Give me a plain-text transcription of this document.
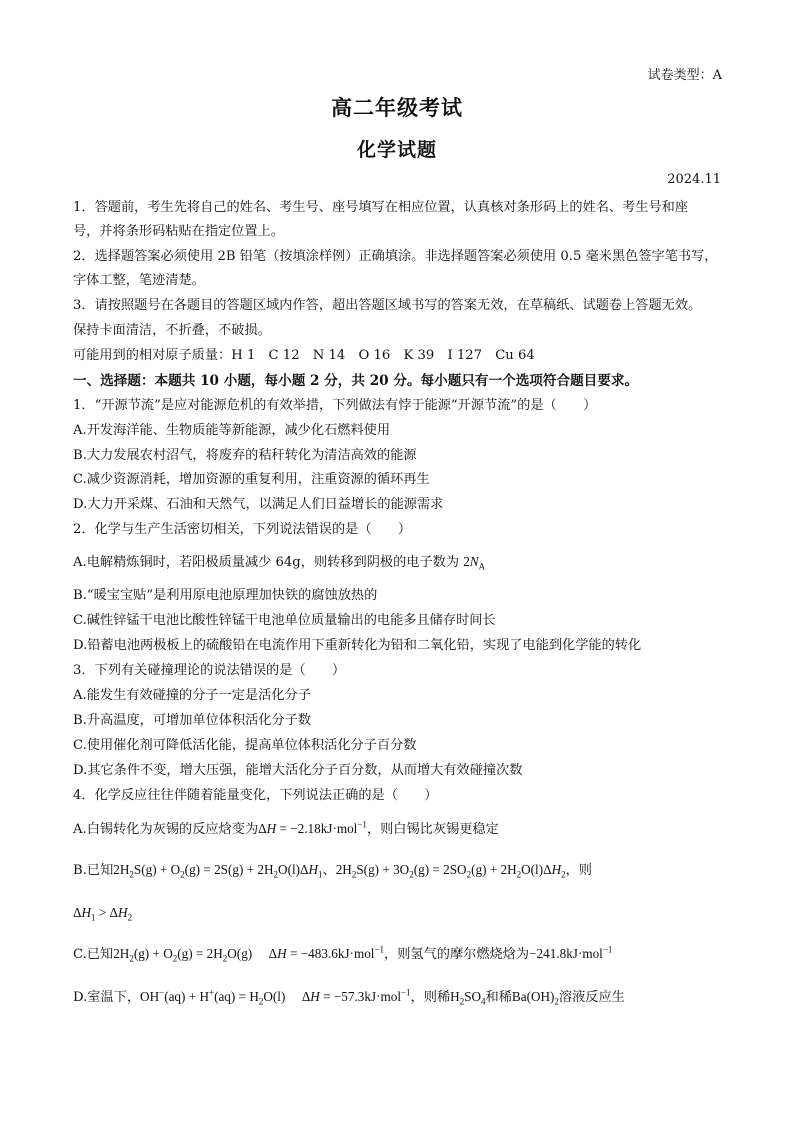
试卷类型：A
高二年级考试
化学试题
2024.11
1．答题前，考生先将自己的姓名、考生号、座号填写在相应位置，认真核对条形码上的姓名、考生号和座
号，并将条形码粘贴在指定位置上。
2．选择题答案必须使用 2B 铅笔（按填涂样例）正确填涂。非选择题答案必须使用 0.5 毫米黑色签字笔书写，
字体工整，笔迹清楚。
3．请按照题号在各题目的答题区域内作答，超出答题区域书写的答案无效，在草稿纸、试题卷上答题无效。
保持卡面清洁，不折叠，不破损。
可能用到的相对原子质量：H 1　C 12　N 14　O 16　K 39　I 127　Cu 64
一、选择题：本题共 10 小题，每小题 2 分，共 20 分。每小题只有一个选项符合题目要求。
1．“开源节流”是应对能源危机的有效举措，下列做法有悖于能源“开源节流”的是（　　）
A.开发海洋能、生物质能等新能源，减少化石燃料使用
B.大力发展农村沼气，将废弃的秸秆转化为清洁高效的能源
C.减少资源消耗，增加资源的重复利用，注重资源的循环再生
D.大力开采煤、石油和天然气，以满足人们日益增长的能源需求
2．化学与生产生活密切相关，下列说法错误的是（　　）
A.电解精炼铜时，若阳极质量减少 64g，则转移到阴极的电子数为 $2N_A$
B.“暖宝宝贴”是利用原电池原理加快铁的腐蚀放热的
C.碱性锌锰干电池比酸性锌锰干电池单位质量输出的电能多且储存时间长
D.铅蓄电池两极板上的硫酸铅在电流作用下重新转化为铅和二氧化铅，实现了电能到化学能的转化
3．下列有关碰撞理论的说法错误的是（　　）
A.能发生有效碰撞的分子一定是活化分子
B.升高温度，可增加单位体积活化分子数
C.使用催化剂可降低活化能，提高单位体积活化分子百分数
D.其它条件不变，增大压强，能增大活化分子百分数，从而增大有效碰撞次数
4．化学反应往往伴随着能量变化，下列说法正确的是（　　）
A.白锡转化为灰锡的反应焓变为ΔH = −2.18kJ·mol$^{-1}$，则白锡比灰锡更稳定
B.已知$2H_2S(g) + O_2(g) = 2S(g) + 2H_2O(l)\Delta H_1$、$2H_2S(g) + 3O_2(g) = 2SO_2(g) + 2H_2O(l)\Delta H_2$，则
$\Delta H_1 > \Delta H_2$
C.已知$2H_2(g) + O_2(g) = 2H_2O(g)$　 ΔH = −483.6kJ·mol$^{-1}$，则氢气的摩尔燃烧焓为−241.8kJ·mol$^{-1}$
D.室温下，$OH^-(aq) + H^+(aq) = H_2O(l)$　 ΔH = −57.3kJ·mol$^{-1}$，则稀$H_2SO_4$和稀$Ba(OH)_2$溶液反应生
